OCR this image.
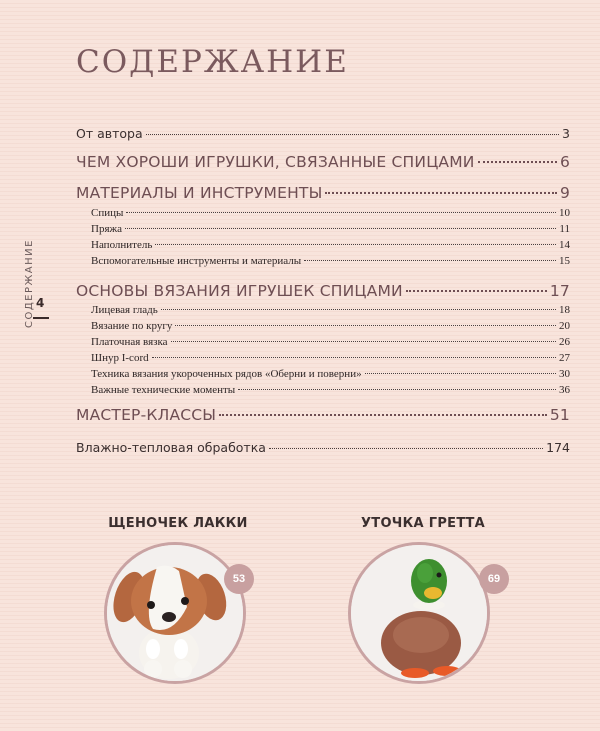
СОДЕРЖАНИЕ
4
СОДЕРЖАНИЕ
От автора	3
ЧЕМ ХОРОШИ ИГРУШКИ, СВЯЗАННЫЕ СПИЦАМИ	6
МАТЕРИАЛЫ И ИНСТРУМЕНТЫ	9
Спицы	10
Пряжа	11
Наполнитель	14
Вспомогательные инструменты и материалы	15
ОСНОВЫ ВЯЗАНИЯ ИГРУШЕК СПИЦАМИ	17
Лицевая гладь	18
Вязание по кругу	20
Платочная вязка	26
Шнур I-cord	27
Техника вязания укороченных рядов «Оберни и поверни»	30
Важные технические моменты	36
МАСТЕР-КЛАССЫ	51
Влажно-тепловая обработка	174
ЩЕНОЧЕК ЛАККИ
53
УТОЧКА ГРЕТТА
69
